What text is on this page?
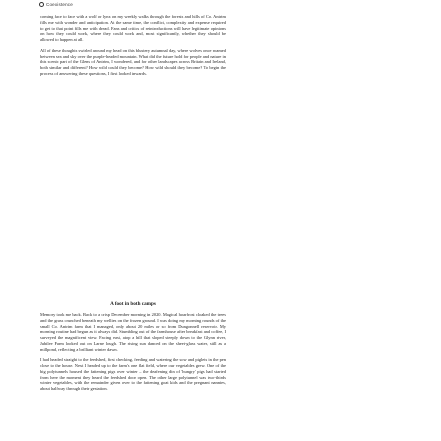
Coexistence

coming face to face with a wolf or lynx on my weekly walks through the forests and hills of Co. Antrim fills me with wonder and anticipation. At the same time, the conflict, complexity and expense required to get to that point fills me with dread. Fans and critics of reintroductions will have legitimate opinions on how they could work, where they could work and, most significantly, whether they should be allowed to happen at all.

All of these thoughts swirled around my head on this blustery autumnal day, where wolves once roamed between sea and sky over the purple-headed mountain. What did the future hold for people and nature in this scenic part of the Glens of Antrim, I wondered, and for other landscapes across Britain and Ireland, both similar and different? How wild could they become? How wild should they become? To begin the process of answering these questions, I first looked inwards.

A foot in both camps

Memory took me back. Back to a crisp December morning in 2020. Magical hoarfrost cloaked the trees and the grass crunched beneath my wellies on the frozen ground. I was doing my morning rounds of the small Co. Antrim farm that I managed, only about 20 miles or so from Dungonnell reservoir. My morning routine had begun as it always did. Stumbling out of the farmhouse after breakfast and coffee, I surveyed the magnificent view. Facing east, atop a hill that sloped steeply down to the Glynn river, Jubilee Farm looked out on Larne lough. The rising sun danced on the sheet-glass water, still as a millpond, reflecting a brilliant winter dawn.

I had headed straight to the feedshed, first checking, feeding and watering the sow and piglets in the pen close to the house. Next I headed up to the farm's one flat field, where our vegetables grew. One of the big polytunnels housed the fattening pigs over winter – the deafening din of 'hungry' pigs had started from here the moment they heard the feedshed door open. The other large polytunnel was two-thirds winter vegetables, with the remainder given over to the fattening goat kids and the pregnant nannies, about halfway through their gestation.
